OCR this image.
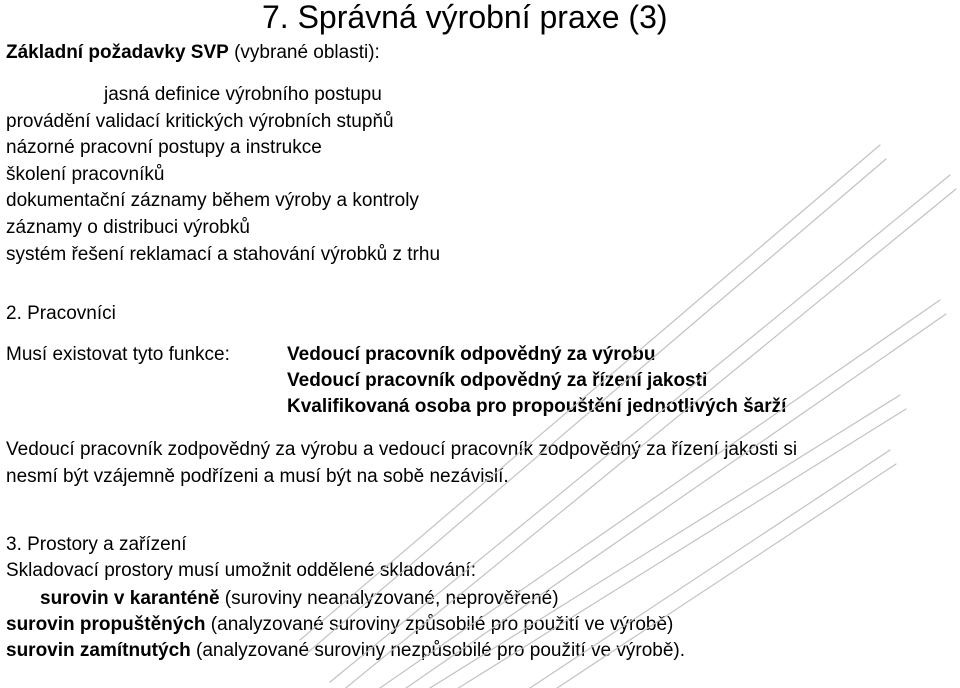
7. Správná výrobní praxe (3)
Základní požadavky SVP (vybrané oblasti):
jasná definice výrobního postupu
provádění validací kritických výrobních stupňů
názorné pracovní postupy a instrukce
školení pracovníků
dokumentační záznamy během výroby a kontroly
záznamy o distribuci výrobků
systém řešení reklamací a stahování výrobků z trhu
2. Pracovníci
Musí existovat tyto funkce:	Vedoucí pracovník odpovědný za výrobu
Vedoucí pracovník odpovědný za řízení jakosti
Kvalifikovaná osoba pro propouštění jednotlivých šarží
Vedoucí pracovník zodpovědný za výrobu a vedoucí pracovník zodpovědný za řízení jakosti si
nesmí být vzájemně podřízeni a musí být na sobě nezávislí.
3. Prostory a zařízení
Skladovací prostory musí umožnit oddělené skladování:
surovin v karanténě (suroviny neanalyzované, neprověřené)
surovin propuštěných (analyzované suroviny způsobilé pro použití ve výrobě)
surovin zamítnutých (analyzované suroviny nezpůsobilé pro použití ve výrobě).
